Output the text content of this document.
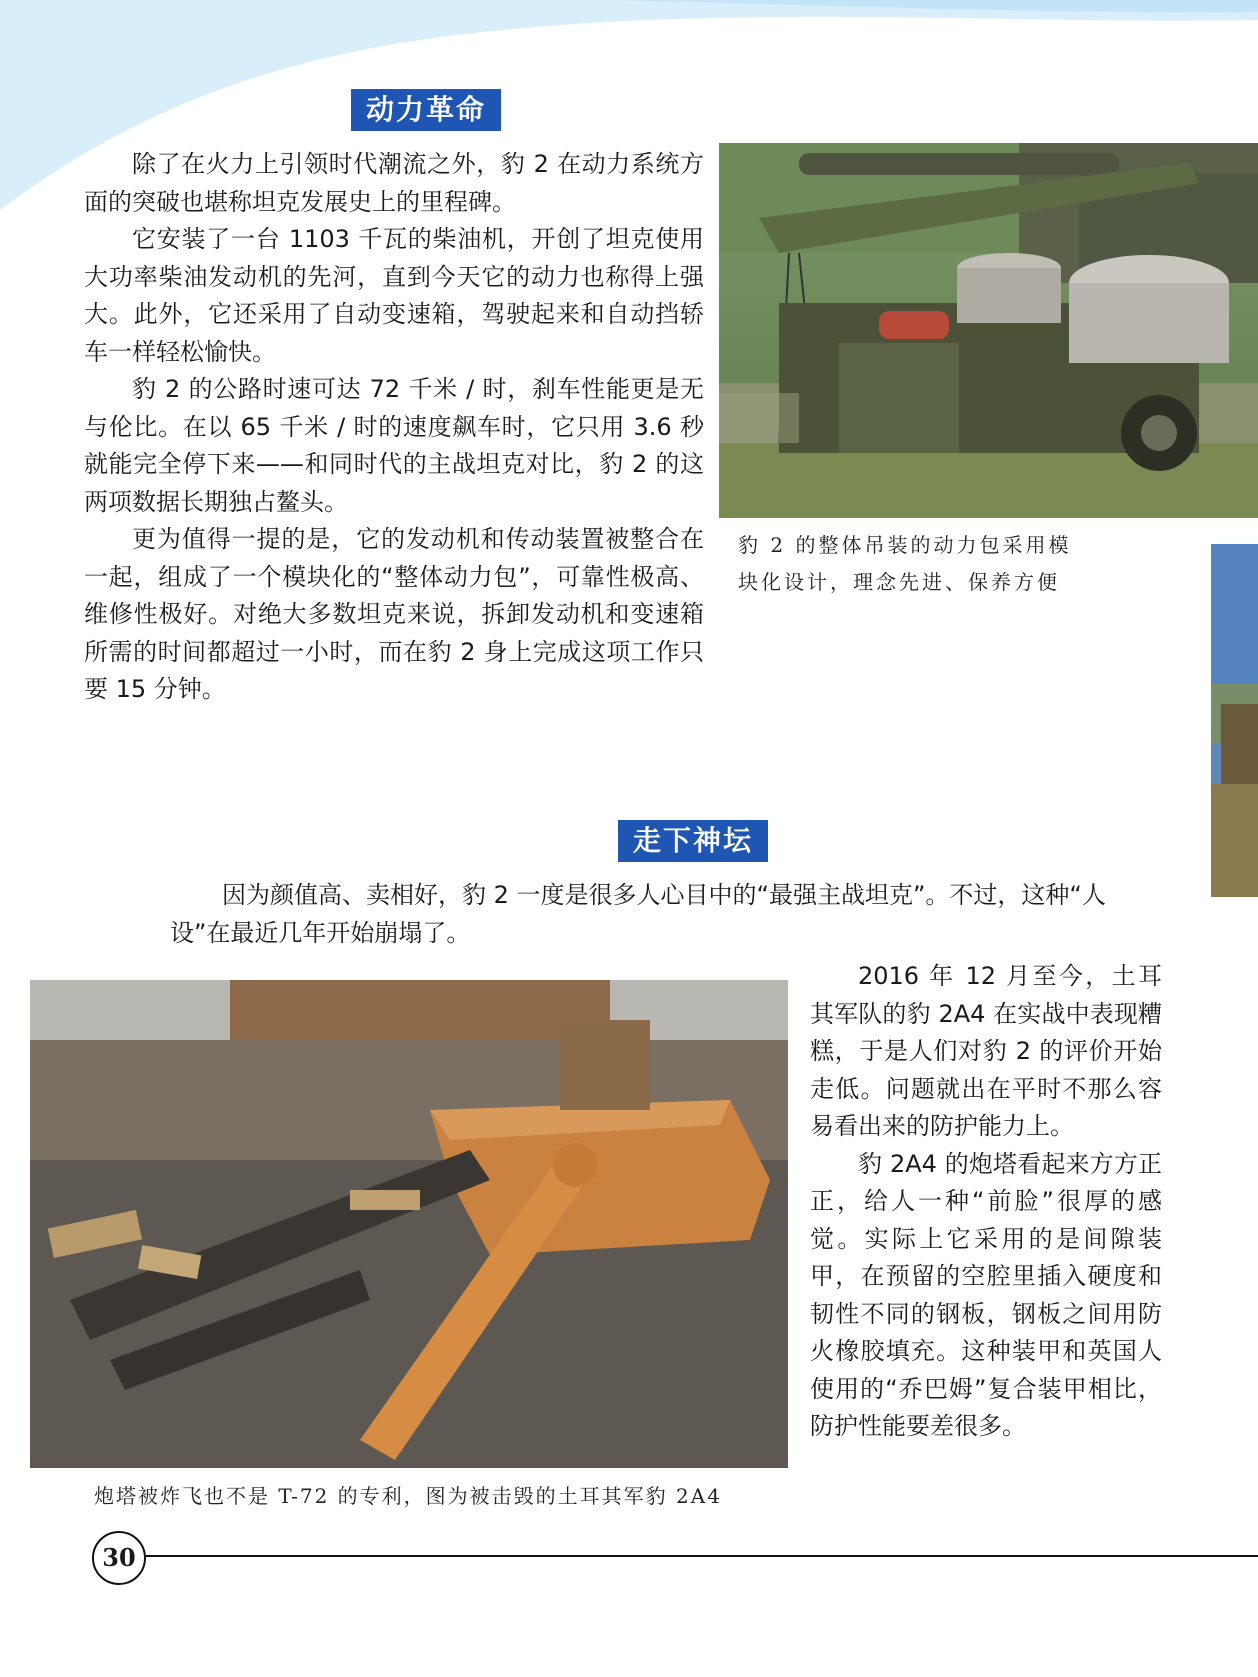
动力革命

除了在火力上引领时代潮流之外，豹 2 在动力系统方面的突破也堪称坦克发展史上的里程碑。

它安装了一台 1103 千瓦的柴油机，开创了坦克使用大功率柴油发动机的先河，直到今天它的动力也称得上强大。此外，它还采用了自动变速箱，驾驶起来和自动挡轿车一样轻松愉快。

豹 2 的公路时速可达 72 千米 / 时，刹车性能更是无与伦比。在以 65 千米 / 时的速度飙车时，它只用 3.6 秒就能完全停下来——和同时代的主战坦克对比，豹 2 的这两项数据长期独占鳌头。

更为值得一提的是，它的发动机和传动装置被整合在一起，组成了一个模块化的“整体动力包”，可靠性极高、维修性极好。对绝大多数坦克来说，拆卸发动机和变速箱所需的时间都超过一小时，而在豹 2 身上完成这项工作只要 15 分钟。

豹 2 的整体吊装的动力包采用模
块化设计，理念先进、保养方便
走下神坛
因为颜值高、卖相好，豹 2 一度是很多人心目中的“最强主战坦克”。不过，这种“人
设”在最近几年开始崩塌了。
炮塔被炸飞也不是 T-72 的专利，图为被击毁的土耳其军豹 2A4

2016 年 12 月至今，土耳其军队的豹 2A4 在实战中表现糟糕，于是人们对豹 2 的评价开始走低。问题就出在平时不那么容易看出来的防护能力上。

豹 2A4 的炮塔看起来方方正正，给人一种“前脸”很厚的感觉。实际上它采用的是间隙装甲，在预留的空腔里插入硬度和韧性不同的钢板，钢板之间用防火橡胶填充。这种装甲和英国人使用的“乔巴姆”复合装甲相比，防护性能要差很多。

30
